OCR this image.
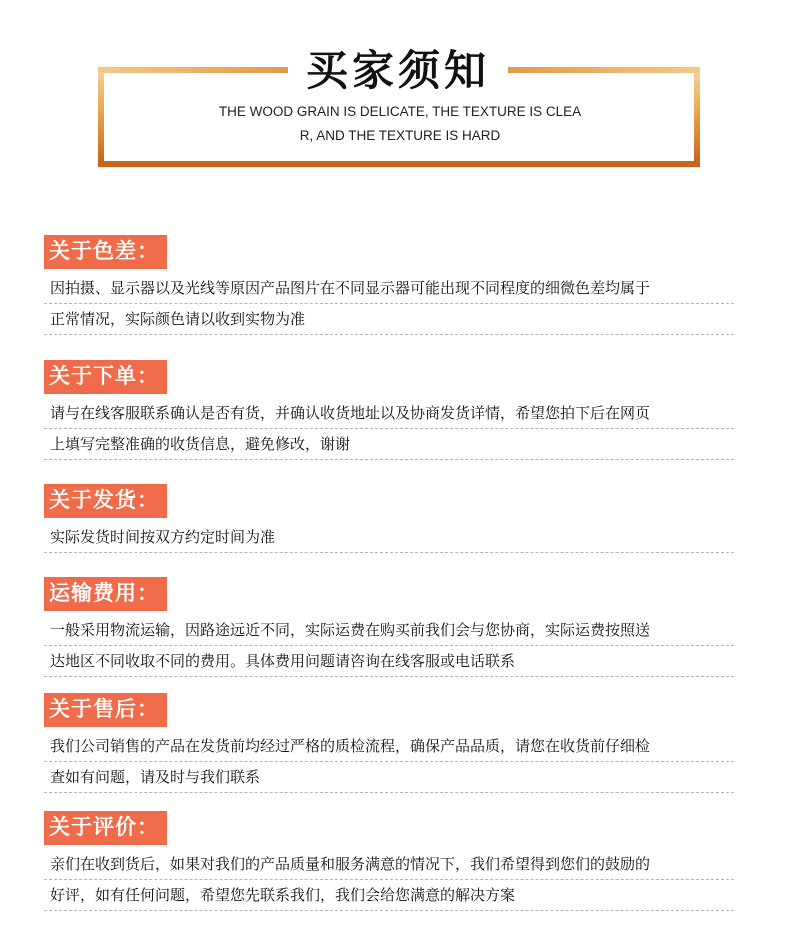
买家须知
THE WOOD GRAIN IS DELICATE, THE TEXTURE IS CLEA
R, AND THE TEXTURE IS HARD
关于色差：
因拍摄、显示器以及光线等原因产品图片在不同显示器可能出现不同程度的细微色差均属于
正常情况，实际颜色请以收到实物为准
关于下单：
请与在线客服联系确认是否有货，并确认收货地址以及协商发货详情，希望您拍下后在网页
上填写完整准确的收货信息，避免修改，谢谢
关于发货：
实际发货时间按双方约定时间为准
运输费用：
一般采用物流运输，因路途远近不同，实际运费在购买前我们会与您协商，实际运费按照送
达地区不同收取不同的费用。具体费用问题请咨询在线客服或电话联系
关于售后：
我们公司销售的产品在发货前均经过严格的质检流程，确保产品品质，请您在收货前仔细检
查如有问题，请及时与我们联系
关于评价：
亲们在收到货后，如果对我们的产品质量和服务满意的情况下，我们希望得到您们的鼓励的
好评，如有任何问题，希望您先联系我们，我们会给您满意的解决方案
